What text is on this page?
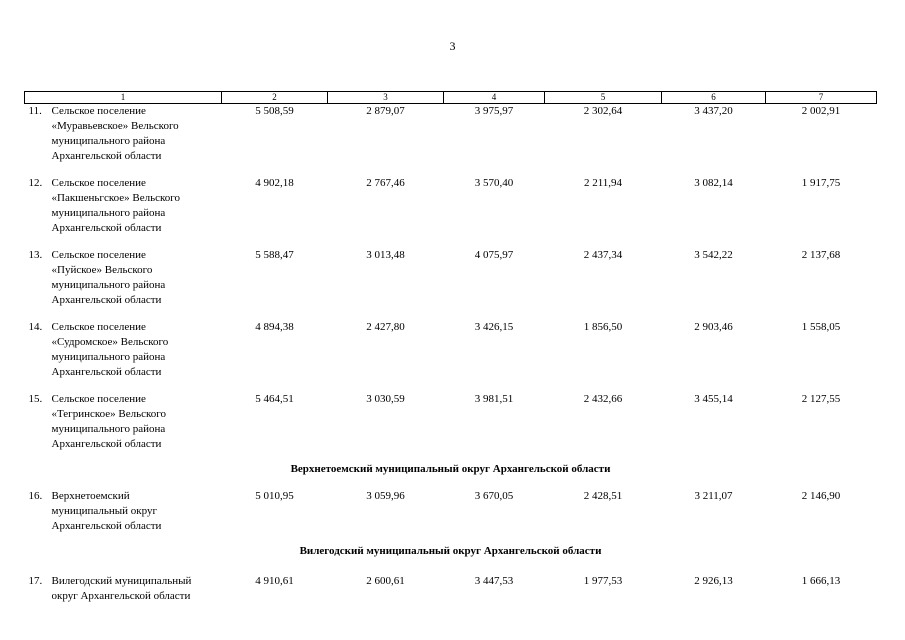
3
1	2	3	4	5	6	7

11. Сельское поселение
«Муравьевское» Вельского
муниципального района
Архангельской области	5 508,59	2 879,07	3 975,97	2 302,64	3 437,20	2 002,91

12. Сельское поселение
«Пакшеньгское» Вельского
муниципального района
Архангельской области	4 902,18	2 767,46	3 570,40	2 211,94	3 082,14	1 917,75

13. Сельское поселение
«Пуйское» Вельского
муниципального района
Архангельской области	5 588,47	3 013,48	4 075,97	2 437,34	3 542,22	2 137,68

14. Сельское поселение
«Судромское» Вельского
муниципального района
Архангельской области	4 894,38	2 427,80	3 426,15	1 856,50	2 903,46	1 558,05

15. Сельское поселение
«Тегринское» Вельского
муниципального района
Архангельской области	5 464,51	3 030,59	3 981,51	2 432,66	3 455,14	2 127,55
Верхнетоемский муниципальный округ Архангельской области						

16. Верхнетоемский
муниципальный округ
Архангельской области	5 010,95	3 059,96	3 670,05	2 428,51	3 211,07	2 146,90
Вилегодский муниципальный округ Архангельской области						

17. Вилегодский муниципальный
округ Архангельской области	4 910,61	2 600,61	3 447,53	1 977,53	2 926,13	1 666,13
